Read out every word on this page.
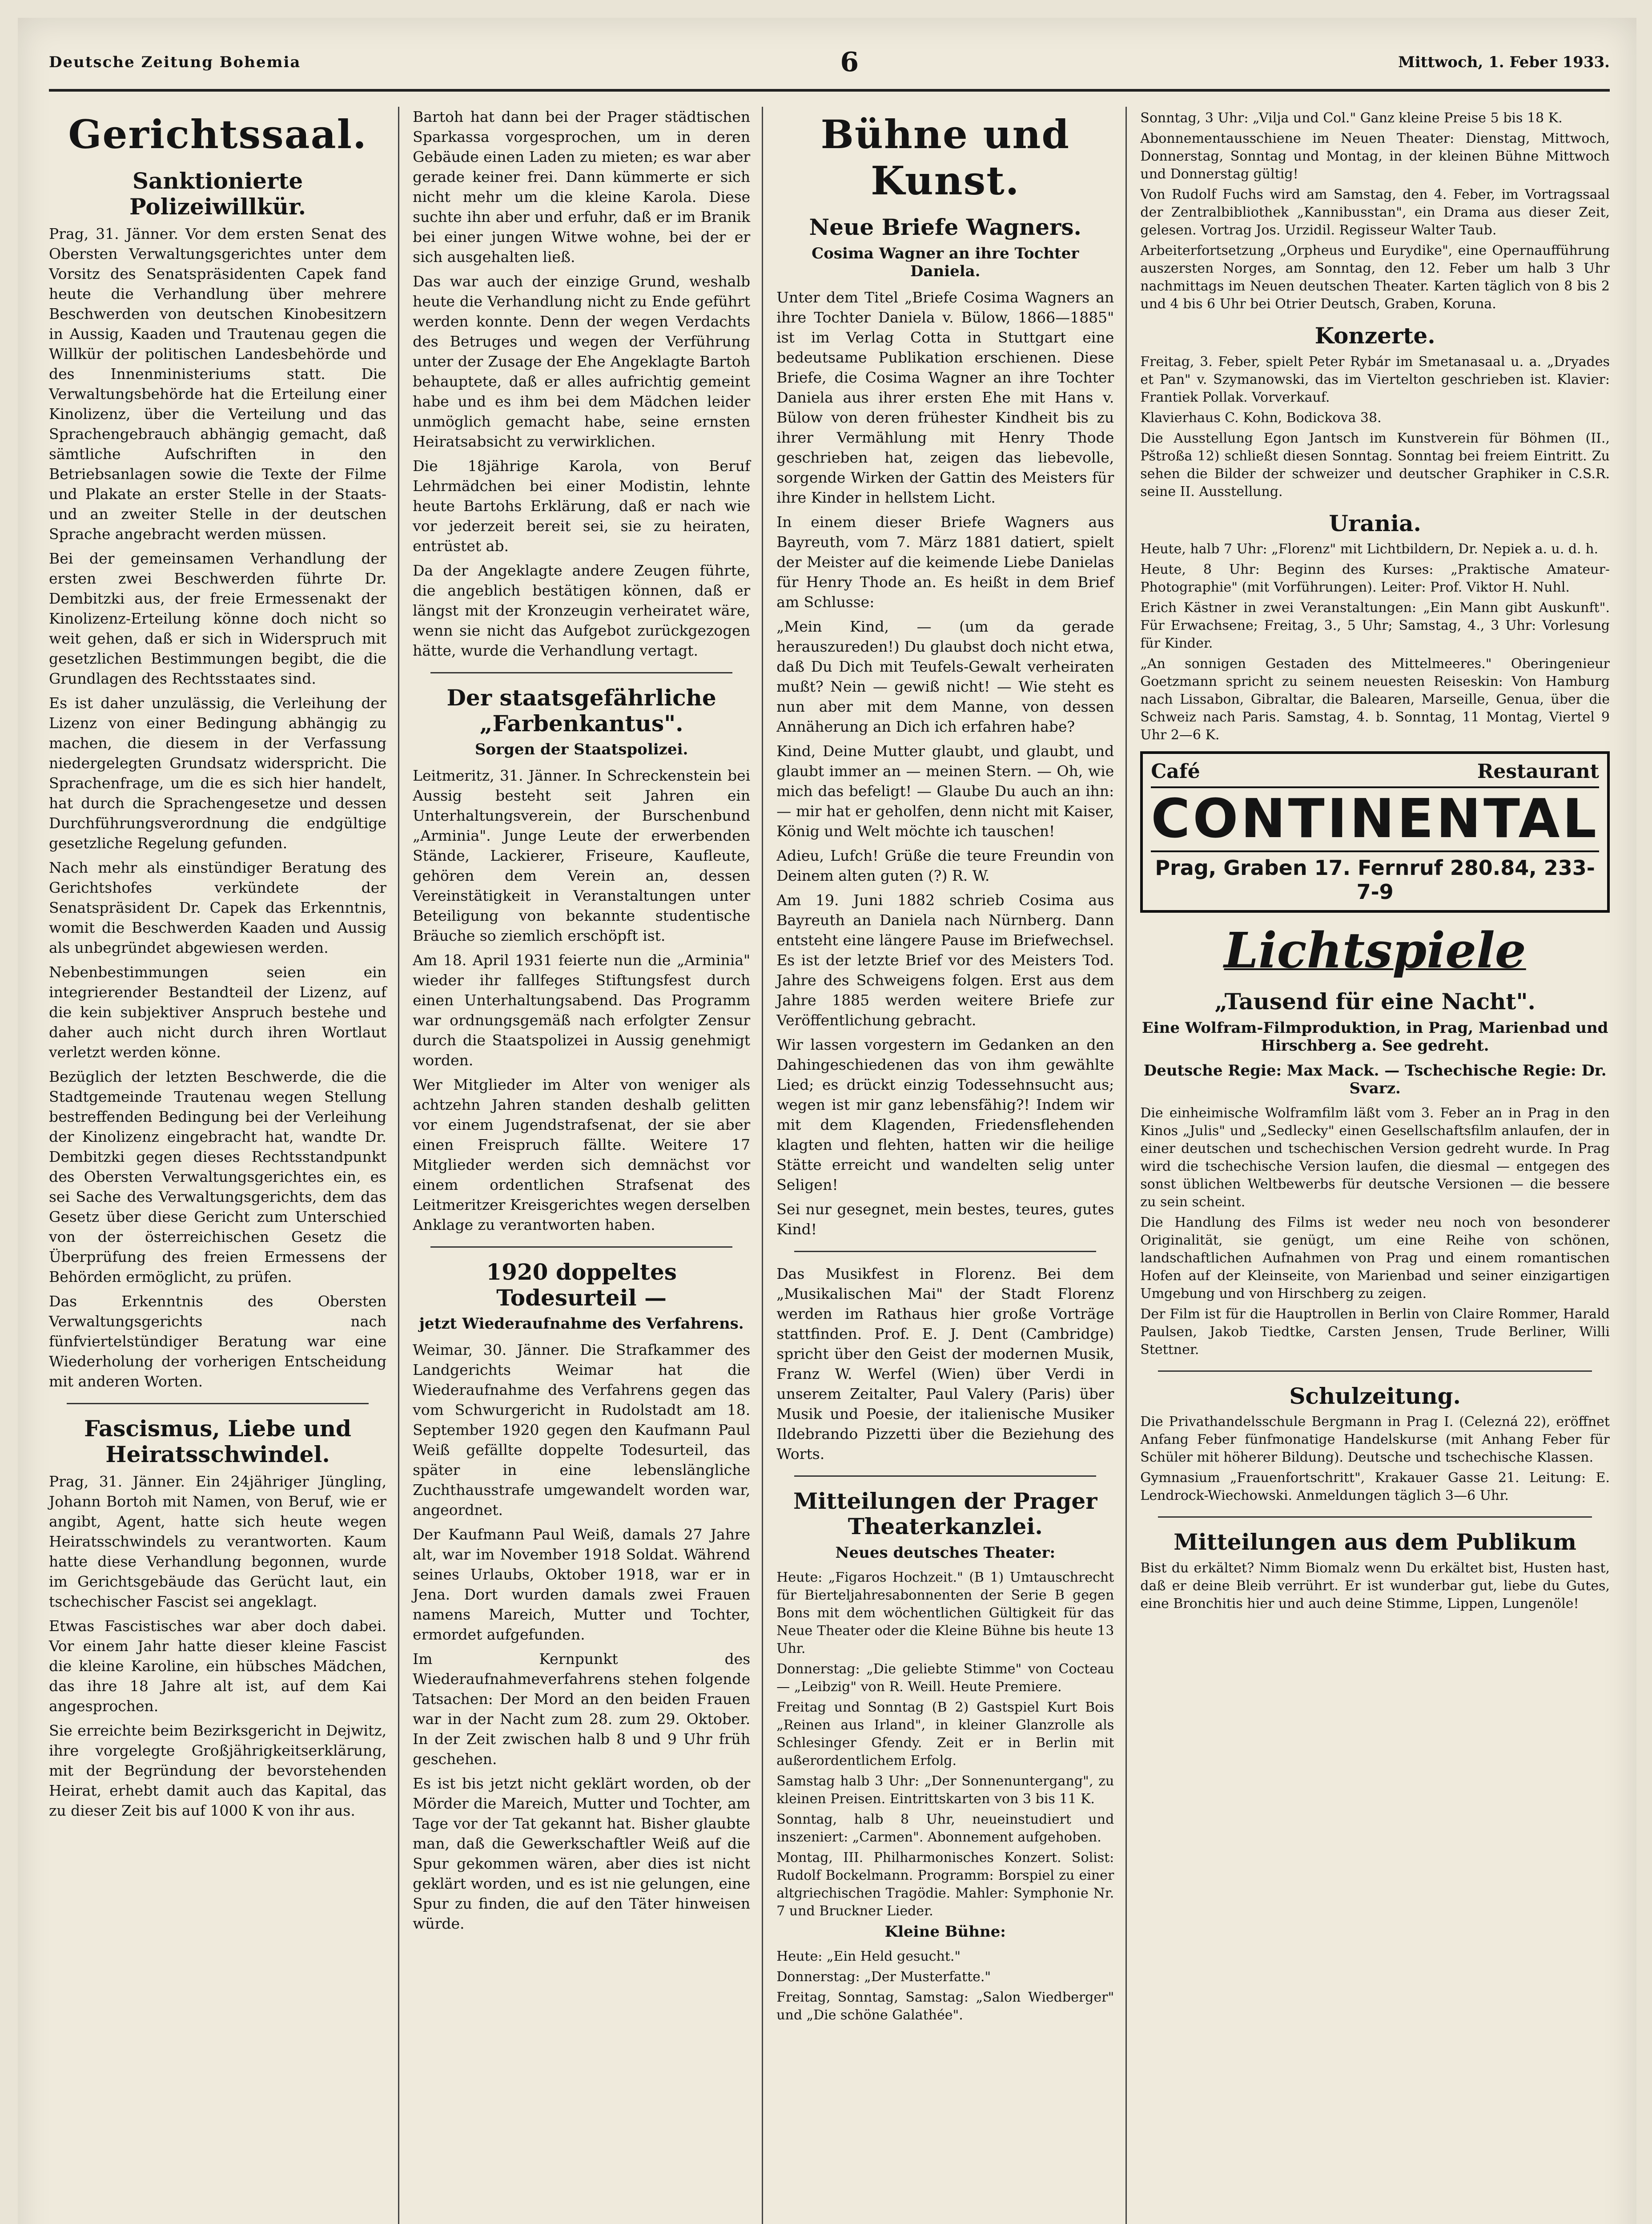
Deutsche Zeitung Bohemia	6	Mittwoch, 1. Feber 1933.
Gerichtssaal.
Sanktionierte Polizeiwillkür.

Prag, 31. Jänner. Vor dem ersten Senat des Obersten Verwaltungsgerichtes unter dem Vorsitz des Senatspräsidenten Capek fand heute die Verhandlung über mehrere Beschwerden von deutschen Kinobesitzern in Aussig, Kaaden und Trautenau gegen die Willkür der politischen Landesbehörde und des Innenministeriums statt. Die Verwaltungsbehörde hat die Erteilung einer Kinolizenz, über die Verteilung und das Sprachengebrauch abhängig gemacht, daß sämtliche Aufschriften in den Betriebsanlagen sowie die Texte der Filme und Plakate an erster Stelle in der Staats- und an zweiter Stelle in der deutschen Sprache angebracht werden müssen.

Bei der gemeinsamen Verhandlung der ersten zwei Beschwerden führte Dr. Dembitzki aus, der freie Ermessenakt der Kinolizenz-Erteilung könne doch nicht so weit gehen, daß er sich in Widerspruch mit gesetzlichen Bestimmungen begibt, die die Grundlagen des Rechtsstaates sind.

Es ist daher unzulässig, die Verleihung der Lizenz von einer Bedingung abhängig zu machen, die diesem in der Verfassung niedergelegten Grundsatz widerspricht. Die Sprachenfrage, um die es sich hier handelt, hat durch die Sprachengesetze und dessen Durchführungsverordnung die endgültige gesetzliche Regelung gefunden.

Nach mehr als einstündiger Beratung des Gerichtshofes verkündete der Senatspräsident Dr. Capek das Erkenntnis, womit die Beschwerden Kaaden und Aussig als unbegründet abgewiesen werden.

Nebenbestimmungen seien ein integrierender Bestandteil der Lizenz, auf die kein subjektiver Anspruch bestehe und daher auch nicht durch ihren Wortlaut verletzt werden könne.

Bezüglich der letzten Beschwerde, die die Stadtgemeinde Trautenau wegen Stellung bestreffenden Bedingung bei der Verleihung der Kinolizenz eingebracht hat, wandte Dr. Dembitzki gegen dieses Rechtsstandpunkt des Obersten Verwaltungsgerichtes ein, es sei Sache des Verwaltungsgerichts, dem das Gesetz über diese Gericht zum Unterschied von der österreichischen Gesetz die Überprüfung des freien Ermessens der Behörden ermöglicht, zu prüfen.

Das Erkenntnis des Obersten Verwaltungsgerichts nach fünfviertelstündiger Beratung war eine Wiederholung der vorherigen Entscheidung mit anderen Worten.

Fascismus, Liebe und Heiratsschwindel.

Prag, 31. Jänner. Ein 24jähriger Jüngling, Johann Bortoh mit Namen, von Beruf, wie er angibt, Agent, hatte sich heute wegen Heiratsschwindels zu verantworten. Kaum hatte diese Verhandlung begonnen, wurde im Gerichtsgebäude das Gerücht laut, ein tschechischer Fascist sei angeklagt.

Etwas Fascistisches war aber doch dabei. Vor einem Jahr hatte dieser kleine Fascist die kleine Karoline, ein hübsches Mädchen, das ihre 18 Jahre alt ist, auf dem Kai angesprochen.

Sie erreichte beim Bezirksgericht in Dejwitz, ihre vorgelegte Großjährigkeitserklärung, mit der Begründung der bevorstehenden Heirat, erhebt damit auch das Kapital, das zu dieser Zeit bis auf 1000 K von ihr aus.

Bartoh hat dann bei der Prager städtischen Sparkassa vorgesprochen, um in deren Gebäude einen Laden zu mieten; es war aber gerade keiner frei. Dann kümmerte er sich nicht mehr um die kleine Karola. Diese suchte ihn aber und erfuhr, daß er im Branik bei einer jungen Witwe wohne, bei der er sich ausgehalten ließ.

Das war auch der einzige Grund, weshalb heute die Verhandlung nicht zu Ende geführt werden konnte. Denn der wegen Verdachts des Betruges und wegen der Verführung unter der Zusage der Ehe Angeklagte Bartoh behauptete, daß er alles aufrichtig gemeint habe und es ihm bei dem Mädchen leider unmöglich gemacht habe, seine ernsten Heiratsabsicht zu verwirklichen.

Die 18jährige Karola, von Beruf Lehrmädchen bei einer Modistin, lehnte heute Bartohs Erklärung, daß er nach wie vor jederzeit bereit sei, sie zu heiraten, entrüstet ab.

Da der Angeklagte andere Zeugen führte, die angeblich bestätigen können, daß er längst mit der Kronzeugin verheiratet wäre, wenn sie nicht das Aufgebot zurückgezogen hätte, wurde die Verhandlung vertagt.

Der staatsgefährliche „Farbenkantus".
Sorgen der Staatspolizei.

Leitmeritz, 31. Jänner. In Schreckenstein bei Aussig besteht seit Jahren ein Unterhaltungsverein, der Burschenbund „Arminia". Junge Leute der erwerbenden Stände, Lackierer, Friseure, Kaufleute, gehören dem Verein an, dessen Vereinstätigkeit in Veranstaltungen unter Beteiligung von bekannte studentische Bräuche so ziemlich erschöpft ist.

Am 18. April 1931 feierte nun die „Arminia" wieder ihr fallfeges Stiftungsfest durch einen Unterhaltungsabend. Das Programm war ordnungsgemäß nach erfolgter Zensur durch die Staatspolizei in Aussig genehmigt worden.

Wer Mitglieder im Alter von weniger als achtzehn Jahren standen deshalb gelitten vor einem Jugendstrafsenat, der sie aber einen Freispruch fällte. Weitere 17 Mitglieder werden sich demnächst vor einem ordentlichen Strafsenat des Leitmeritzer Kreisgerichtes wegen derselben Anklage zu verantworten haben.

1920 doppeltes Todesurteil —
jetzt Wiederaufnahme des Verfahrens.

Weimar, 30. Jänner. Die Strafkammer des Landgerichts Weimar hat die Wiederaufnahme des Verfahrens gegen das vom Schwurgericht in Rudolstadt am 18. September 1920 gegen den Kaufmann Paul Weiß gefällte doppelte Todesurteil, das später in eine lebenslängliche Zuchthausstrafe umgewandelt worden war, angeordnet.

Der Kaufmann Paul Weiß, damals 27 Jahre alt, war im November 1918 Soldat. Während seines Urlaubs, Oktober 1918, war er in Jena. Dort wurden damals zwei Frauen namens Mareich, Mutter und Tochter, ermordet aufgefunden.

Im Kernpunkt des Wiederaufnahmeverfahrens stehen folgende Tatsachen: Der Mord an den beiden Frauen war in der Nacht zum 28. zum 29. Oktober. In der Zeit zwischen halb 8 und 9 Uhr früh geschehen.

Es ist bis jetzt nicht geklärt worden, ob der Mörder die Mareich, Mutter und Tochter, am Tage vor der Tat gekannt hat. Bisher glaubte man, daß die Gewerkschaftler Weiß auf die Spur gekommen wären, aber dies ist nicht geklärt worden, und es ist nie gelungen, eine Spur zu finden, die auf den Täter hinweisen würde.

Bühne und Kunst.
Neue Briefe Wagners.
Cosima Wagner an ihre Tochter Daniela.

Unter dem Titel „Briefe Cosima Wagners an ihre Tochter Daniela v. Bülow, 1866—1885" ist im Verlag Cotta in Stuttgart eine bedeutsame Publikation erschienen. Diese Briefe, die Cosima Wagner an ihre Tochter Daniela aus ihrer ersten Ehe mit Hans v. Bülow von deren frühester Kindheit bis zu ihrer Vermählung mit Henry Thode geschrieben hat, zeigen das liebevolle, sorgende Wirken der Gattin des Meisters für ihre Kinder in hellstem Licht.

In einem dieser Briefe Wagners aus Bayreuth, vom 7. März 1881 datiert, spielt der Meister auf die keimende Liebe Danielas für Henry Thode an. Es heißt in dem Brief am Schlusse:

„Mein Kind, — (um da gerade herauszureden!) Du glaubst doch nicht etwa, daß Du Dich mit Teufels-Gewalt verheiraten mußt? Nein — gewiß nicht! — Wie steht es nun aber mit dem Manne, von dessen Annäherung an Dich ich erfahren habe?

Kind, Deine Mutter glaubt, und glaubt, und glaubt immer an — meinen Stern. — Oh, wie mich das befeligt! — Glaube Du auch an ihn: — mir hat er geholfen, denn nicht mit Kaiser, König und Welt möchte ich tauschen!

Adieu, Lufch! Grüße die teure Freundin von Deinem alten guten (?) R. W.

Am 19. Juni 1882 schrieb Cosima aus Bayreuth an Daniela nach Nürnberg. Dann entsteht eine längere Pause im Briefwechsel. Es ist der letzte Brief vor des Meisters Tod. Jahre des Schweigens folgen. Erst aus dem Jahre 1885 werden weitere Briefe zur Veröffentlichung gebracht.

Wir lassen vorgestern im Gedanken an den Dahingeschiedenen das von ihm gewählte Lied; es drückt einzig Todessehnsucht aus; wegen ist mir ganz lebensfähig?! Indem wir mit dem Klagenden, Friedensflehenden klagten und flehten, hatten wir die heilige Stätte erreicht und wandelten selig unter Seligen!

Sei nur gesegnet, mein bestes, teures, gutes Kind!

Das Musikfest in Florenz. Bei dem „Musikalischen Mai" der Stadt Florenz werden im Rathaus hier große Vorträge stattfinden. Prof. E. J. Dent (Cambridge) spricht über den Geist der modernen Musik, Franz W. Werfel (Wien) über Verdi in unserem Zeitalter, Paul Valery (Paris) über Musik und Poesie, der italienische Musiker Ildebrando Pizzetti über die Beziehung des Worts.

Mitteilungen der Prager Theaterkanzlei.
Neues deutsches Theater:

Heute: „Figaros Hochzeit." (B 1) Umtauschrecht für Bierteljahresabonnenten der Serie B gegen Bons mit dem wöchentlichen Gültigkeit für das Neue Theater oder die Kleine Bühne bis heute 13 Uhr.

Donnerstag: „Die geliebte Stimme" von Cocteau — „Leibzig" von R. Weill. Heute Premiere.

Freitag und Sonntag (B 2) Gastspiel Kurt Bois „Reinen aus Irland", in kleiner Glanzrolle als Schlesinger Gfendy. Zeit er in Berlin mit außerordentlichem Erfolg.

Samstag halb 3 Uhr: „Der Sonnenuntergang", zu kleinen Preisen. Eintrittskarten von 3 bis 11 K.

Sonntag, halb 8 Uhr, neueinstudiert und inszeniert: „Carmen". Abonnement aufgehoben.

Montag, III. Philharmonisches Konzert. Solist: Rudolf Bockelmann. Programm: Borspiel zu einer altgriechischen Tragödie. Mahler: Symphonie Nr. 7 und Bruckner Lieder.

Kleine Bühne:

Heute: „Ein Held gesucht."

Donnerstag: „Der Musterfatte."

Freitag, Sonntag, Samstag: „Salon Wiedberger" und „Die schöne Galathée".

Sonntag, 3 Uhr: „Vilja und Col." Ganz kleine Preise 5 bis 18 K.

Abonnementausschiene im Neuen Theater: Dienstag, Mittwoch, Donnerstag, Sonntag und Montag, in der kleinen Bühne Mittwoch und Donnerstag gültig!

Von Rudolf Fuchs wird am Samstag, den 4. Feber, im Vortragssaal der Zentralbibliothek „Kannibusstan", ein Drama aus dieser Zeit, gelesen. Vortrag Jos. Urzidil. Regisseur Walter Taub.

Arbeiterfortsetzung „Orpheus und Eurydike", eine Opernaufführung auszersten Norges, am Sonntag, den 12. Feber um halb 3 Uhr nachmittags im Neuen deutschen Theater. Karten täglich von 8 bis 2 und 4 bis 6 Uhr bei Otrier Deutsch, Graben, Koruna.

Konzerte.

Freitag, 3. Feber, spielt Peter Rybár im Smetanasaal u. a. „Dryades et Pan" v. Szymanowski, das im Viertelton geschrieben ist. Klavier: Frantiek Pollak. Vorverkauf.

Klavierhaus C. Kohn, Bodickova 38.

Die Ausstellung Egon Jantsch im Kunstverein für Böhmen (II., Pštroßa 12) schließt diesen Sonntag. Sonntag bei freiem Eintritt. Zu sehen die Bilder der schweizer und deutscher Graphiker in C.S.R. seine II. Ausstellung.

Urania.

Heute, halb 7 Uhr: „Florenz" mit Lichtbildern, Dr. Nepiek a. u. d. h.

Heute, 8 Uhr: Beginn des Kurses: „Praktische Amateur-Photographie" (mit Vorführungen). Leiter: Prof. Viktor H. Nuhl.

Erich Kästner in zwei Veranstaltungen: „Ein Mann gibt Auskunft". Für Erwachsene; Freitag, 3., 5 Uhr; Samstag, 4., 3 Uhr: Vorlesung für Kinder.

„An sonnigen Gestaden des Mittelmeeres." Oberingenieur Goetzmann spricht zu seinem neuesten Reiseskin: Von Hamburg nach Lissabon, Gibraltar, die Balearen, Marseille, Genua, über die Schweiz nach Paris. Samstag, 4. b. Sonntag, 11 Montag, Viertel 9 Uhr 2—6 K.

Café	Restaurant
CONTINENTAL
Prag, Graben 17. Fernruf 280.84, 233-7-9
Lichtspiele
„Tausend für eine Nacht".
Eine Wolfram-Filmproduktion, in Prag, Marienbad und Hirschberg a. See gedreht.
Deutsche Regie: Max Mack. — Tschechische Regie: Dr. Svarz.

Die einheimische Wolframfilm läßt vom 3. Feber an in Prag in den Kinos „Julis" und „Sedlecky" einen Gesellschaftsfilm anlaufen, der in einer deutschen und tschechischen Version gedreht wurde. In Prag wird die tschechische Version laufen, die diesmal — entgegen des sonst üblichen Weltbewerbs für deutsche Versionen — die bessere zu sein scheint.

Die Handlung des Films ist weder neu noch von besonderer Originalität, sie genügt, um eine Reihe von schönen, landschaftlichen Aufnahmen von Prag und einem romantischen Hofen auf der Kleinseite, von Marienbad und seiner einzigartigen Umgebung und von Hirschberg zu zeigen.

Der Film ist für die Hauptrollen in Berlin von Claire Rommer, Harald Paulsen, Jakob Tiedtke, Carsten Jensen, Trude Berliner, Willi Stettner.

Schulzeitung.

Die Privathandelsschule Bergmann in Prag I. (Celezná 22), eröffnet Anfang Feber fünfmonatige Handelskurse (mit Anhang Feber für Schüler mit höherer Bildung). Deutsche und tschechische Klassen.

Gymnasium „Frauenfortschritt", Krakauer Gasse 21. Leitung: E. Lendrock-Wiechowski. Anmeldungen täglich 3—6 Uhr.

Mitteilungen aus dem Publikum

Bist du erkältet? Nimm Biomalz wenn Du erkältet bist, Husten hast, daß er deine Bleib verrührt. Er ist wunderbar gut, liebe du Gutes, eine Bronchitis hier und auch deine Stimme, Lippen, Lungenöle!
